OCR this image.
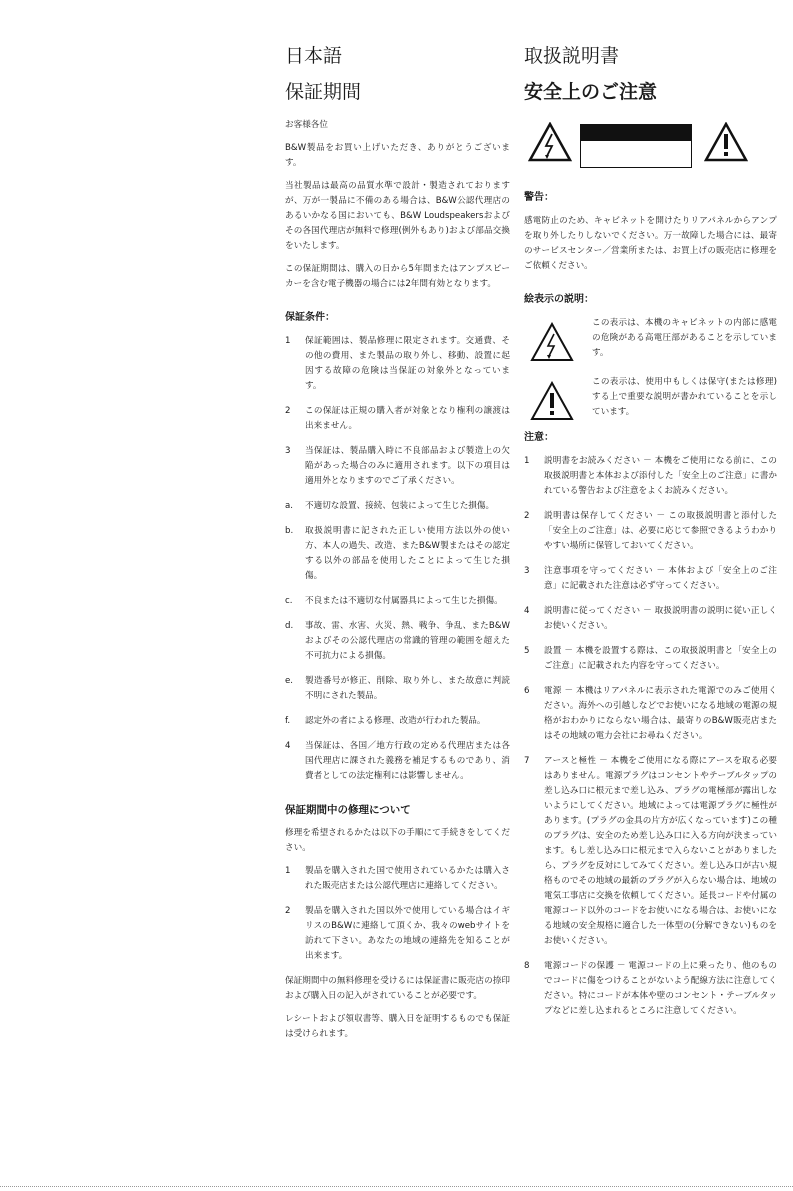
日本語
保証期間

お客様各位

B&W製品をお買い上げいただき、ありがとうございます。

当社製品は最高の品質水準で設計・製造されておりますが、万が一製品に不備のある場合は、B&W公認代理店のあるいかなる国においても、B&W Loudspeakersおよびその各国代理店が無料で修理(例外もあり)および部品交換をいたします。

この保証期間は、購入の日から5年間またはアンプスピーカーを含む電子機器の場合には2年間有効となります。

保証条件：
1 保証範囲は、製品修理に限定されます。交通費、その他の費用、また製品の取り外し、移動、設置に起因する故障の危険は当保証の対象外となっています。
2 この保証は正規の購入者が対象となり権利の譲渡は出来ません。
3 当保証は、製品購入時に不良部品および製造上の欠陥があった場合のみに適用されます。以下の項目は適用外となりますのでご了承ください。
a. 不適切な設置、接続、包装によって生じた損傷。
b. 取扱説明書に記された正しい使用方法以外の使い方、本人の過失、改造、またB&W製またはその認定する以外の部品を使用したことによって生じた損傷。
c. 不良または不適切な付属器具によって生じた損傷。
d. 事故、雷、水害、火災、熱、戦争、争乱、またB&Wおよびその公認代理店の常識的管理の範囲を超えた不可抗力による損傷。
e. 製造番号が修正、削除、取り外し、また故意に判読不明にされた製品。
f. 認定外の者による修理、改造が行われた製品。
4 当保証は、各国／地方行政の定める代理店または各国代理店に課された義務を補足するものであり、消費者としての法定権利には影響しません。
保証期間中の修理について

修理を希望されるかたは以下の手順にて手続きをしてください。

1 製品を購入された国で使用されているかたは購入された販売店または公認代理店に連絡してください。
2 製品を購入された国以外で使用している場合はイギリスのB&Wに連絡して頂くか、我々のwebサイトを訪れて下さい。あなたの地域の連絡先を知ることが出来ます。

保証期間中の無料修理を受けるには保証書に販売店の捺印および購入日の記入がされていることが必要です。

レシートおよび領収書等、購入日を証明するものでも保証は受けられます。

取扱説明書
安全上のご注意
警告：

感電防止のため、キャビネットを開けたりリアパネルからアンプを取り外したりしないでください。万一故障した場合には、最寄のサービスセンター／営業所または、お買上げの販売店に修理をご依頼ください。

絵表示の説明：

この表示は、本機のキャビネットの内部に感電の危険がある高電圧部があることを示しています。

この表示は、使用中もしくは保守(または修理)する上で重要な説明が書かれていることを示しています。

注意：
1 説明書をお読みください － 本機をご使用になる前に、この取扱説明書と本体および添付した「安全上のご注意」に書かれている警告および注意をよくお読みください。
2 説明書は保存してください － この取扱説明書と添付した「安全上のご注意」は、必要に応じて参照できるようわかりやすい場所に保管しておいてください。
3 注意事項を守ってください － 本体および「安全上のご注意」に記載された注意は必ず守ってください。
4 説明書に従ってください － 取扱説明書の説明に従い正しくお使いください。
5 設置 － 本機を設置する際は、この取扱説明書と「安全上のご注意」に記載された内容を守ってください。
6 電源 － 本機はリアパネルに表示された電源でのみご使用ください。海外への引越しなどでお使いになる地域の電源の規格がおわかりにならない場合は、最寄りのB&W販売店またはその地域の電力会社にお尋ねください。
7 アースと極性 － 本機をご使用になる際にアースを取る必要はありません。電源プラグはコンセントやテーブルタップの差し込み口に根元まで差し込み、プラグの電極部が露出しないようにしてください。地域によっては電源プラグに極性があります。(プラグの金具の片方が広くなっています)この種のプラグは、安全のため差し込み口に入る方向が決まっています。もし差し込み口に根元まで入らないことがありましたら、プラグを反対にしてみてください。差し込み口が古い規格ものでその地域の最新のプラグが入らない場合は、地域の電気工事店に交換を依頼してください。延長コードや付属の電源コード以外のコードをお使いになる場合は、お使いになる地域の安全規格に適合した一体型の(分解できない)ものをお使いください。
8 電源コードの保護 － 電源コードの上に乗ったり、他のものでコードに傷をつけることがないよう配線方法に注意してください。特にコードが本体や壁のコンセント・テーブルタップなどに差し込まれるところに注意してください。
